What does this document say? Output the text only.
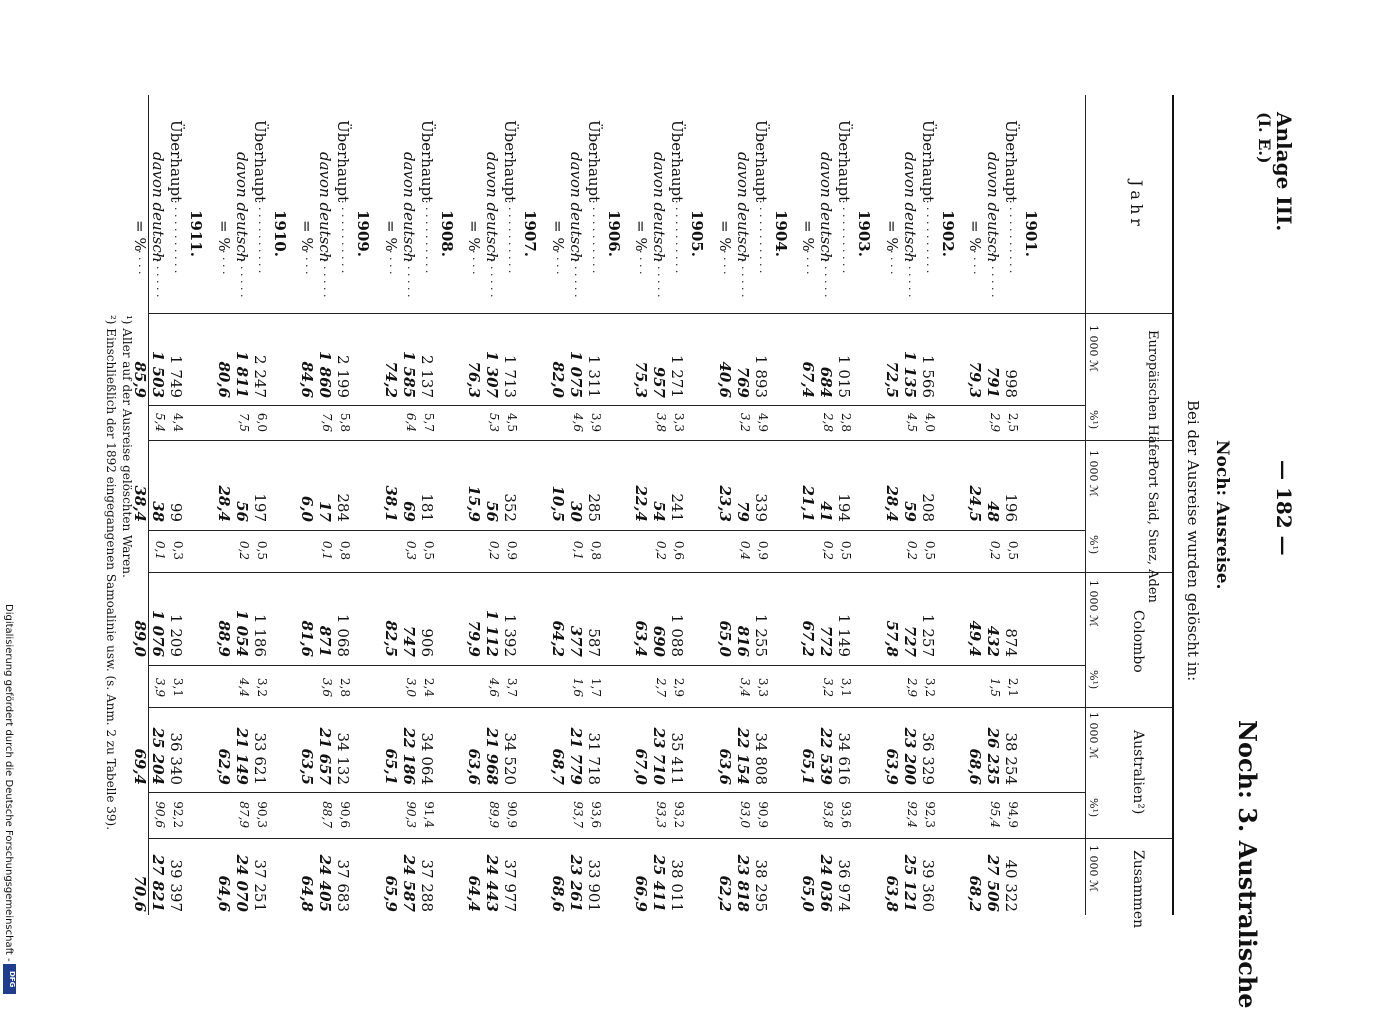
Anlage III.
(I. E.)
— 182 —
Noch: 3. Australische
Noch: Ausreise.
Bei der Ausreise wurden gelöscht in:
Jahr
Europäischen Häfen
1 000 ℳ
%¹)
Port Said, Suez, Aden
1 000 ℳ
%¹)
Colombo
1 000 ℳ
%¹)
Australien²)
1 000 ℳ
%¹)
Zusammen
1 000 ℳ
1901.
Überhaupt
. . . . . . . . . . .
998
2,5
196
0,5
874
2,1
38 254
94,9
40 322
davon deutsch
. . . . . . .
791
2,9
48
0,2
432
1,5
26 235
95,4
27 506
= %
. . . .
79,3
24,5
49,4
68,6
68,2
1902.
Überhaupt
. . . . . . . . . . .
1 566
4,0
208
0,5
1 257
3,2
36 329
92,3
39 360
davon deutsch
. . . . . . .
1 135
4,5
59
0,2
727
2,9
23 200
92,4
25 121
= %
. . . .
72,5
28,4
57,8
63,9
63,8
1903.
Überhaupt
. . . . . . . . . . .
1 015
2,8
194
0,5
1 149
3,1
34 616
93,6
36 974
davon deutsch
. . . . . . .
684
2,8
41
0,2
772
3,2
22 539
93,8
24 036
= %
. . . .
67,4
21,1
67,2
65,1
65,0
1904.
Überhaupt
. . . . . . . . . . .
1 893
4,9
339
0,9
1 255
3,3
34 808
90,9
38 295
davon deutsch
. . . . . . .
769
3,2
79
0,4
816
3,4
22 154
93,0
23 818
= %
. . . .
40,6
23,3
65,0
63,6
62,2
1905.
Überhaupt
. . . . . . . . . . .
1 271
3,3
241
0,6
1 088
2,9
35 411
93,2
38 011
davon deutsch
. . . . . . .
957
3,8
54
0,2
690
2,7
23 710
93,3
25 411
= %
. . . .
75,3
22,4
63,4
67,0
66,9
1906.
Überhaupt
. . . . . . . . . . .
1 311
3,9
285
0,8
587
1,7
31 718
93,6
33 901
davon deutsch
. . . . . . .
1 075
4,6
30
0,1
377
1,6
21 779
93,7
23 261
= %
. . . .
82,0
10,5
64,2
68,7
68,6
1907.
Überhaupt
. . . . . . . . . . .
1 713
4,5
352
0,9
1 392
3,7
34 520
90,9
37 977
davon deutsch
. . . . . . .
1 307
5,3
56
0,2
1 112
4,6
21 968
89,9
24 443
= %
. . . .
76,3
15,9
79,9
63,6
64,4
1908.
Überhaupt
. . . . . . . . . . .
2 137
5,7
181
0,5
906
2,4
34 064
91,4
37 288
davon deutsch
. . . . . . .
1 585
6,4
69
0,3
747
3,0
22 186
90,3
24 587
= %
. . . .
74,2
38,1
82,5
65,1
65,9
1909.
Überhaupt
. . . . . . . . . . .
2 199
5,8
284
0,8
1 068
2,8
34 132
90,6
37 683
davon deutsch
. . . . . . .
1 860
7,6
17
0,1
871
3,6
21 657
88,7
24 405
= %
. . . .
84,6
6,0
81,6
63,5
64,8
1910.
Überhaupt
. . . . . . . . . . .
2 247
6,0
197
0,5
1 186
3,2
33 621
90,3
37 251
davon deutsch
. . . . . . .
1 811
7,5
56
0,2
1 054
4,4
21 149
87,9
24 070
= %
. . . .
80,6
28,4
88,9
62,9
64,6
1911.
Überhaupt
. . . . . . . . . . .
1 749
4,4
99
0,3
1 209
3,1
36 340
92,2
39 397
davon deutsch
. . . . . . .
1 503
5,4
38
0,1
1 076
3,9
25 204
90,6
27 821
= %
. . . .
85,9
38,4
89,0
69,4
70,6
¹) Aller auf der Ausreise gelöschten Waren.
²) Einschließlich der 1892 eingegangenen Samoalinie usw. (s. Anm. 2 zu Tabelle 39).
Digitalisierung gefördert durch die Deutsche Forschungsgemeinschaft -
DFG
